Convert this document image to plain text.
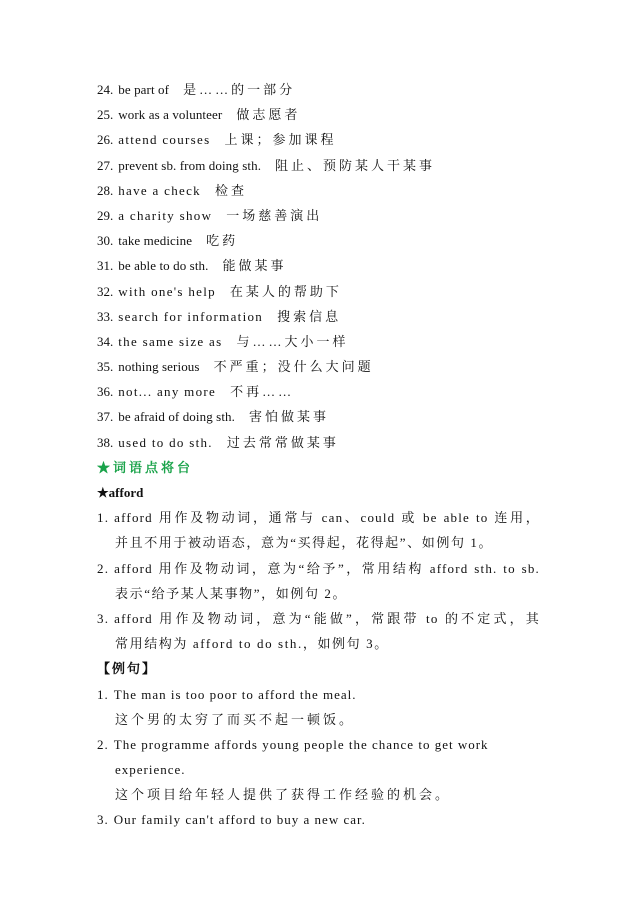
24. be part of 是……的一部分
25. work as a volunteer 做志愿者
26. attend courses 上课；参加课程
27. prevent sb. from doing sth. 阻止、预防某人干某事
28. have a check 检查
29. a charity show 一场慈善演出
30. take medicine 吃药
31. be able to do sth. 能做某事
32. with one's help 在某人的帮助下
33. search for information 搜索信息
34. the same size as 与……大小一样
35. nothing serious 不严重；没什么大问题
36. not... any more 不再……
37. be afraid of doing sth. 害怕做某事
38. used to do sth. 过去常常做某事
★词语点将台
★afford
1. afford 用作及物动词，通常与 can、could 或 be able to 连用，
并且不用于被动语态，意为“买得起，花得起”、如例句 1。
2. afford 用作及物动词，意为“给予”，常用结构 afford sth. to sb.
表示“给予某人某事物”，如例句 2。
3. afford 用作及物动词，意为“能做”，常跟带 to 的不定式，其
常用结构为 afford to do sth.，如例句 3。
【例句】
1. The man is too poor to afford the meal.
这个男的太穷了而买不起一顿饭。
2. The programme affords young people the chance to get work
experience.
这个项目给年轻人提供了获得工作经验的机会。
3. Our family can't afford to buy a new car.
